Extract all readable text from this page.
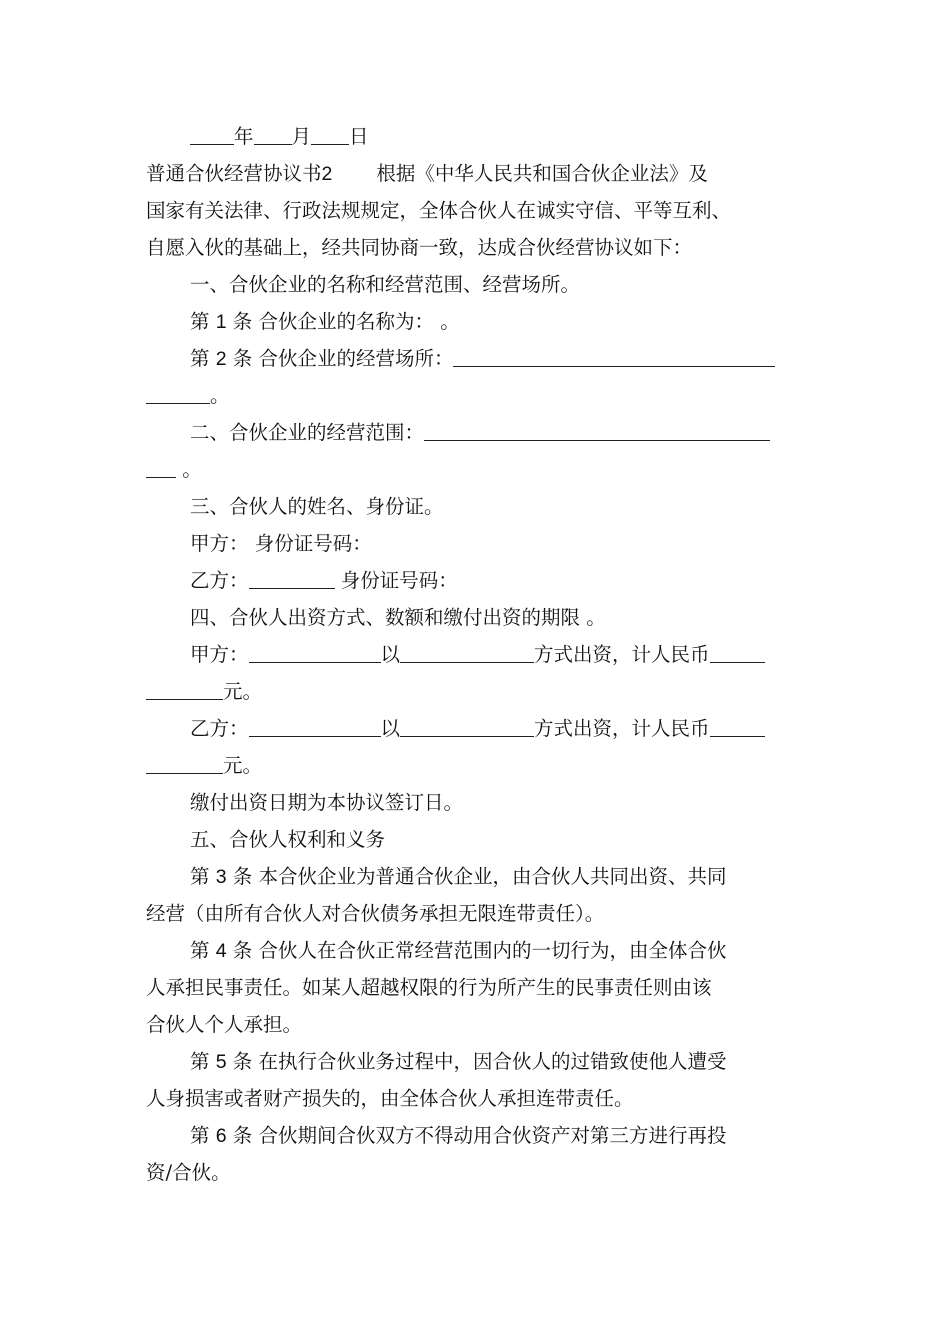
年 月 日
普通合伙经营协议书2 根据《中华人民共和国合伙企业法》及
国家有关法律、行政法规规定，全体合伙人在诚实守信、平等互利、
自愿入伙的基础上，经共同协商一致，达成合伙经营协议如下：
一、合伙企业的名称和经营范围、经营场所。
第 1 条 合伙企业的名称为： 。
第 2 条 合伙企业的经营场所：
。
二、合伙企业的经营范围：
。
三、合伙人的姓名、身份证。
甲方： 身份证号码：
乙方：	身份证号码：
四、合伙人出资方式、数额和缴付出资的期限 。
甲方：	以	方式出资，计人民币
元。
乙方：	以	方式出资，计人民币
元。
缴付出资日期为本协议签订日。
五、合伙人权利和义务
第 3 条 本合伙企业为普通合伙企业，由合伙人共同出资、共同
经营（由所有合伙人对合伙债务承担无限连带责任）。
第 4 条 合伙人在合伙正常经营范围内的一切行为，由全体合伙
人承担民事责任。如某人超越权限的行为所产生的民事责任则由该
合伙人个人承担。
第 5 条 在执行合伙业务过程中，因合伙人的过错致使他人遭受
人身损害或者财产损失的，由全体合伙人承担连带责任。
第 6 条 合伙期间合伙双方不得动用合伙资产对第三方进行再投
资/合伙。
